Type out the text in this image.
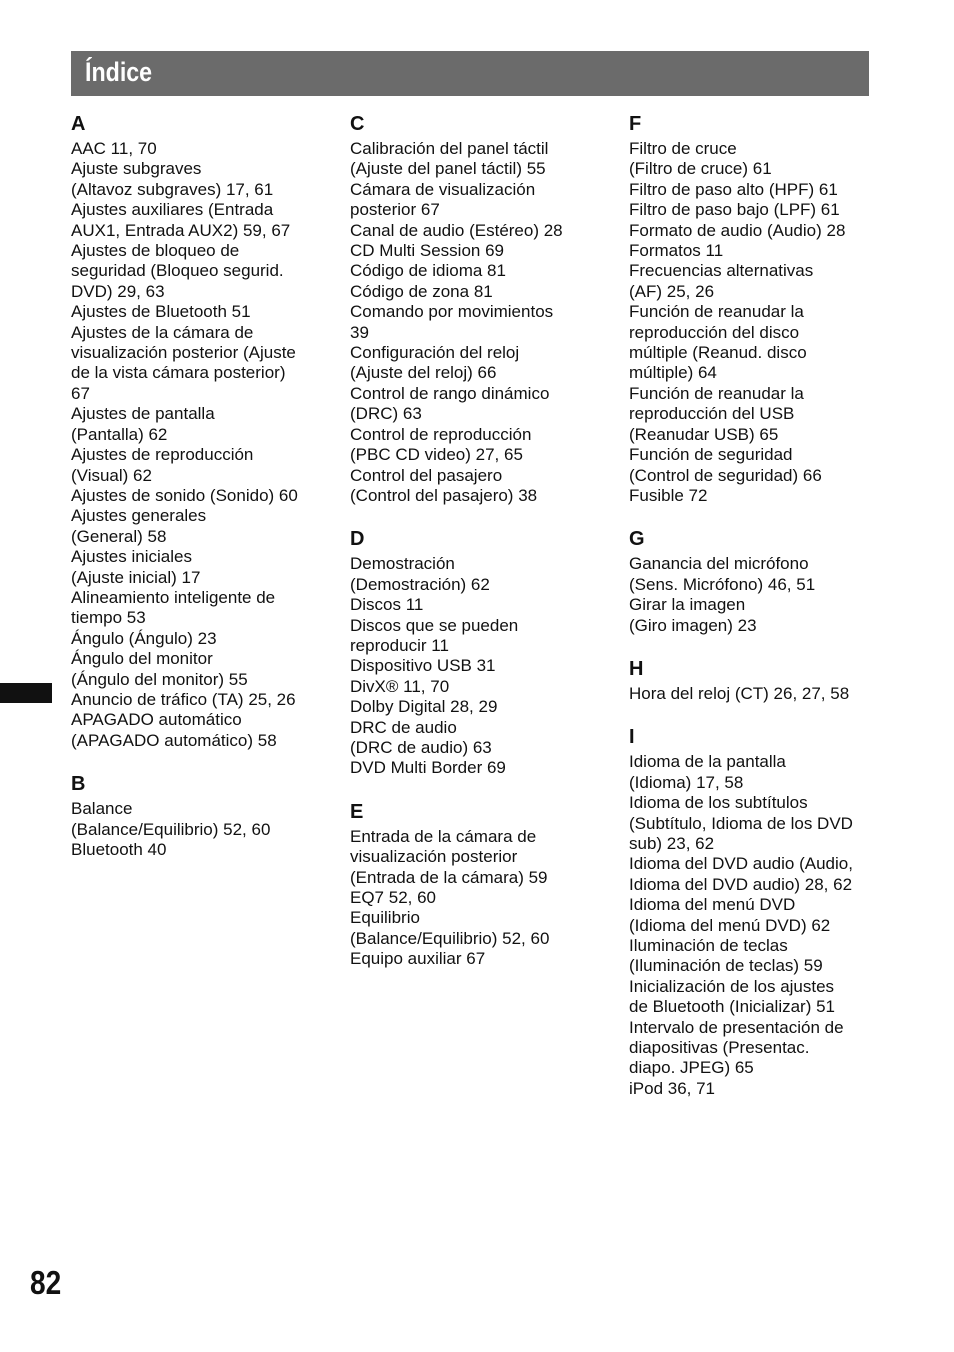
Índice
A
AAC 11, 70
Ajuste subgraves
(Altavoz subgraves) 17, 61
Ajustes auxiliares (Entrada
AUX1, Entrada AUX2) 59, 67
Ajustes de bloqueo de
seguridad (Bloqueo segurid.
DVD) 29, 63
Ajustes de Bluetooth 51
Ajustes de la cámara de
visualización posterior (Ajuste
de la vista cámara posterior)
67
Ajustes de pantalla
(Pantalla) 62
Ajustes de reproducción
(Visual) 62
Ajustes de sonido (Sonido) 60
Ajustes generales
(General) 58
Ajustes iniciales
(Ajuste inicial) 17
Alineamiento inteligente de
tiempo 53
Ángulo (Ángulo) 23
Ángulo del monitor
(Ángulo del monitor) 55
Anuncio de tráfico (TA) 25, 26
APAGADO automático
(APAGADO automático) 58
B
Balance
(Balance/Equilibrio) 52, 60
Bluetooth 40
C
Calibración del panel táctil
(Ajuste del panel táctil) 55
Cámara de visualización
posterior 67
Canal de audio (Estéreo) 28
CD Multi Session 69
Código de idioma 81
Código de zona 81
Comando por movimientos
39
Configuración del reloj
(Ajuste del reloj) 66
Control de rango dinámico
(DRC) 63
Control de reproducción
(PBC CD video) 27, 65
Control del pasajero
(Control del pasajero) 38
D
Demostración
(Demostración) 62
Discos 11
Discos que se pueden
reproducir 11
Dispositivo USB 31
DivX® 11, 70
Dolby Digital 28, 29
DRC de audio
(DRC de audio) 63
DVD Multi Border 69
E
Entrada de la cámara de
visualización posterior
(Entrada de la cámara) 59
EQ7 52, 60
Equilibrio
(Balance/Equilibrio) 52, 60
Equipo auxiliar 67
F
Filtro de cruce
(Filtro de cruce) 61
Filtro de paso alto (HPF) 61
Filtro de paso bajo (LPF) 61
Formato de audio (Audio) 28
Formatos 11
Frecuencias alternativas
(AF) 25, 26
Función de reanudar la
reproducción del disco
múltiple (Reanud. disco
múltiple) 64
Función de reanudar la
reproducción del USB
(Reanudar USB) 65
Función de seguridad
(Control de seguridad) 66
Fusible 72
G
Ganancia del micrófono
(Sens. Micrófono) 46, 51
Girar la imagen
(Giro imagen) 23
H
Hora del reloj (CT) 26, 27, 58
I
Idioma de la pantalla
(Idioma) 17, 58
Idioma de los subtítulos
(Subtítulo, Idioma de los DVD
sub) 23, 62
Idioma del DVD audio (Audio,
Idioma del DVD audio) 28, 62
Idioma del menú DVD
(Idioma del menú DVD) 62
Iluminación de teclas
(Iluminación de teclas) 59
Inicialización de los ajustes
de Bluetooth (Inicializar) 51
Intervalo de presentación de
diapositivas (Presentac.
diapo. JPEG) 65
iPod 36, 71
82
